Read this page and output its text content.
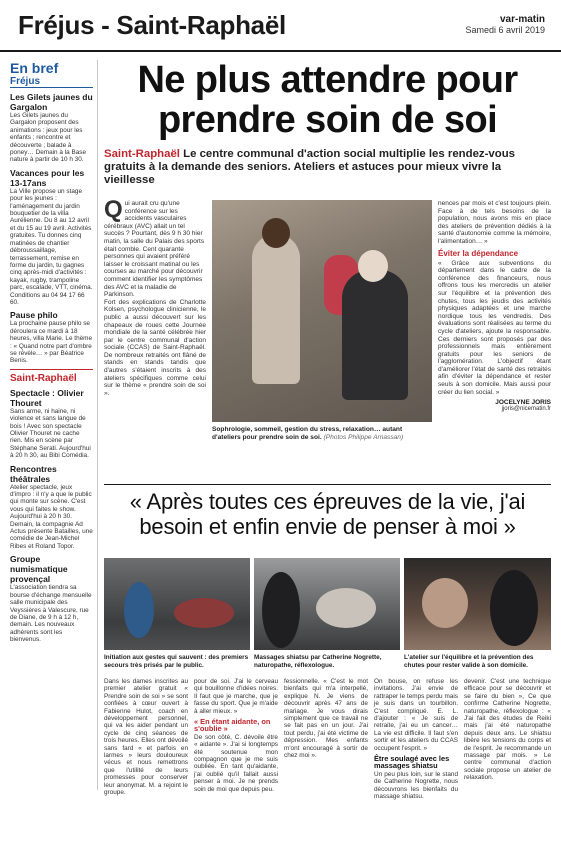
Fréjus - Saint-Raphaël	var-matin
Samedi 6 avril 2019
En bref
Fréjus
Les Gilets jaunes du Gargalon
Les Gilets jaunes du Gargalon proposent des animations : jeux pour les enfants ; rencontre et découverte ; balade à poney… Demain à la Base nature à partir de 10 h 30.
Vacances pour les 13-17ans
La Ville propose un stage pour les jeunes : l'aménagement du jardin bouquetier de la villa Aurélienne. Du 8 au 12 avril et du 15 au 19 avril. Activités gratuites. Tu donnes cinq matinées de chantier débroussaillage, terrassement, remise en forme du jardin, tu gagnes cinq après-midi d'activités : kayak, rugby, trampoline parc, escalade, VTT, cinéma. Conditions au 04 94 17 66 60.
Pause philo
La prochaine pause philo se déroulera ce mardi à 18 heures, villa Marie. Le thème : « Quand notre part d'ombre se révèle… » par Béatrice Benis.
Saint-Raphaël
Spectacle : Olivier Thouret
Sans arme, ni haine, ni violence et sans langue de bois ! Avec son spectacle Olivier Thouret ne cache rien. Mis en scène par Stéphane Serati. Aujourd'hui à 20 h 30, au Bibi Comédia.
Rencontres théâtrales
Atelier spectacle, jeux d'impro : il n'y a que le public qui monte sur scène. C'est vous qui faites le show. Aujourd'hui à 20 h 30. Demain, la compagnie Ad Actus présente Batailles, une comédie de Jean-Michel Ribes et Roland Topor.
Groupe numismatique provençal
L'association tiendra sa bourse d'échange mensuelle salle municipale des Veyssières à Valescure, rue de Diane, de 9 h à 12 h, demain. Les nouveaux adhérents sont les bienvenus.
Ne plus attendre pour prendre soin de soi

Saint-Raphaël Le centre communal d'action social multiplie les rendez-vous gratuits à la demande des seniors. Ateliers et astuces pour mieux vivre la vieillesse

Qui aurait cru qu'une conférence sur les accidents vasculaires cérébraux (AVC) allait un tel succès ? Pourtant, dès 9 h 30 hier matin, la salle du Palais des sports était comble. Cent quarante personnes qui avaient préféré laisser le croissant matinal ou les courses au marché pour découvrir comment identifier les symptômes des AVC et la maladie de Parkinson.

Fort des explications de Charlotte Kolsen, psychologue clinicienne, le public a aussi découvert sur les chapeaux de roues cette Journée mondiale de la santé célébrée hier par le centre communal d'action sociale (CCAS) de Saint-Raphaël. De nombreux retraités ont flâné de stands en stands tandis que d'autres s'étaient inscrits à des ateliers spécifiques comme celui sur le thème « prendre soin de soi ».

Sophrologie, sommeil, gestion du stress, relaxation… autant d'ateliers pour prendre soin de soi. (Photos Philippe Arnassan)

nences par mois et c'est toujours plein. Face à de tels besoins de la population, nous avons mis en place des ateliers de prévention dédiés à la santé d'autonomie comme la mémoire, l'alimentation… »

Éviter la dépendance

« Grâce aux subventions du département dans le cadre de la conférence des financeurs, nous offrons tous les mercredis un atelier sur l'équilibre et la prévention des chutes, tous les jeudis des activités physiques adaptées et une marche nordique tous les vendredis. Des évaluations sont réalisées au terme du cycle d'ateliers, ajoute la responsable. Ces derniers sont proposés par des professionnels mais entièrement gratuits pour les seniors de l'agglomération. L'objectif étant d'améliorer l'état de santé des retraités afin d'éviter la dépendance et rester seuls à son domicile. Mais aussi pour créer du lien social. »

JOCELYNE JORIS
jjoris@nicematin.fr
« Après toutes ces épreuves de la vie, j'ai besoin et enfin envie de penser à moi »

Initiation aux gestes qui sauvent : des premiers secours très prisés par le public.

Massages shiatsu par Catherine Nogrette, naturopathe, réflexologue.

L'atelier sur l'équilibre et la prévention des chutes pour rester valide à son domicile.

Dans les dames inscrites au premier atelier gratuit « Prendre soin de soi » se sont confiées à cœur ouvert à Fabienne Hulot, coach en développement personnel, qui va les aider pendant un cycle de cinq séances de trois heures. Elles ont dévoilé sans fard « et parfois en larmes » leurs douloureux vécus et nous remettrons que l'utilité de leurs promesses pour conserver leur anonymat. M. a rejoint le groupe.

pour de soi. J'ai le cerveau qui bouillonne d'idées noires. Il faut que je marche, que je fasse du sport. Que je m'aide à aller mieux. »

« En étant aidante, on s'oublie »

De son côté, C. dévoile être « aidante ». J'ai si longtemps été soutenue mon compagnon que je me suis oubliée. En tant qu'aidante, j'ai oublié qu'il fallait aussi penser à moi. Je ne prends soin de moi que depuis peu.

fessionnelle. « C'est le mot bienfaits qui m'a interpellé, explique N. Je viens de découvrir après 47 ans de mariage. Je vous dirais simplement que ce travail ne se fait pas en un jour. J'ai tout perdu, j'ai été victime de dépression. Mes enfants m'ont encouragé à sortir de chez moi ».

On bouse, on refuse les invitations. J'ai envie de rattraper le temps perdu mais je suis dans un tourbillon. C'est compliqué. E. L. d'ajouter : « Je suis de retraite, j'ai eu un cancer… La vie est difficile. Il faut s'en sortir et les ateliers du CCAS occupent l'esprit. »

Être soulagé avec les massages shiatsu

Un peu plus loin, sur le stand de Catherine Nogrette, nous découvrons les bienfaits du massage shiatsu.

devenir. C'est une technique efficace pour se découvrir et se faire du bien », Ce que confirme Catherine Nogrette, naturopathe, réflexologue : « J'ai fait des études de Reiki mais j'ai été naturopathe depuis deux ans. Le shiatsu libère les tensions du corps et de l'esprit. Je recommande un massage par mois. » Le centre communal d'action sociale propose un atelier de relaxation.
